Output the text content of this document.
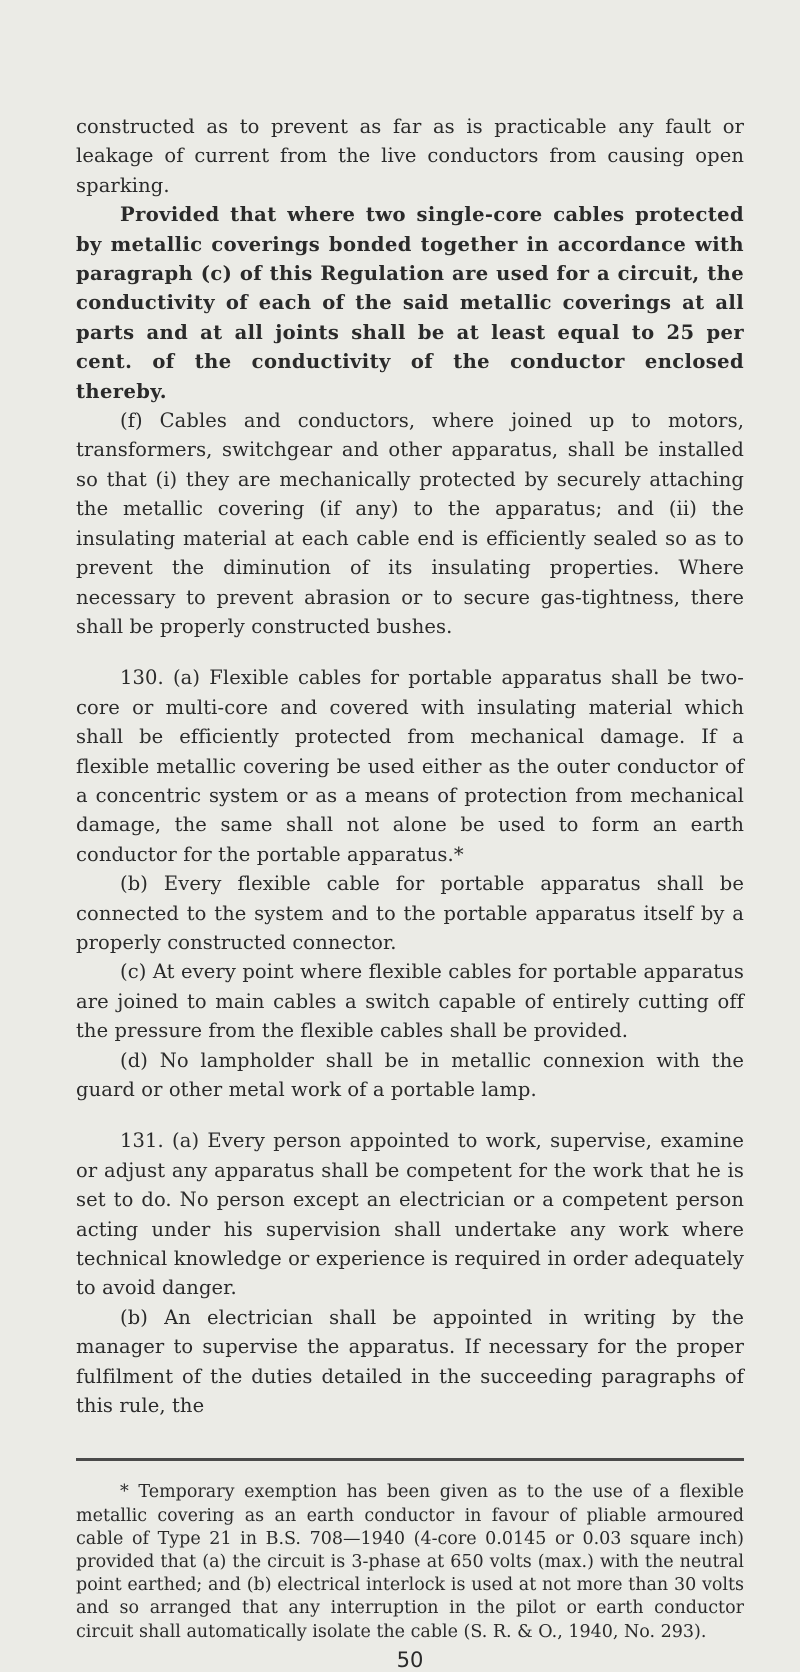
constructed as to prevent as far as is practicable any fault or leakage of current from the live conductors from causing open sparking.

Provided that where two single-core cables protected by metallic coverings bonded together in accordance with paragraph (c) of this Regulation are used for a circuit, the conductivity of each of the said metallic coverings at all parts and at all joints shall be at least equal to 25 per cent. of the conductivity of the conductor enclosed thereby.

(f) Cables and conductors, where joined up to motors, transformers, switchgear and other apparatus, shall be installed so that (i) they are mechanically protected by securely attaching the metallic covering (if any) to the apparatus; and (ii) the insulating material at each cable end is efficiently sealed so as to prevent the diminution of its insulating properties. Where necessary to prevent abrasion or to secure gas-tightness, there shall be properly constructed bushes.

130. (a) Flexible cables for portable apparatus shall be two-core or multi-core and covered with insulating material which shall be efficiently protected from mechanical damage. If a flexible metallic covering be used either as the outer conductor of a concentric system or as a means of protection from mechanical damage, the same shall not alone be used to form an earth conductor for the portable apparatus.*

(b) Every flexible cable for portable apparatus shall be connected to the system and to the portable apparatus itself by a properly constructed connector.

(c) At every point where flexible cables for portable apparatus are joined to main cables a switch capable of entirely cutting off the pressure from the flexible cables shall be provided.

(d) No lampholder shall be in metallic connexion with the guard or other metal work of a portable lamp.

131. (a) Every person appointed to work, supervise, examine or adjust any apparatus shall be competent for the work that he is set to do. No person except an electrician or a competent person acting under his supervision shall undertake any work where technical knowledge or experience is required in order adequately to avoid danger.

(b) An electrician shall be appointed in writing by the manager to supervise the apparatus. If necessary for the proper fulfilment of the duties detailed in the succeeding paragraphs of this rule, the

* Temporary exemption has been given as to the use of a flexible metallic covering as an earth conductor in favour of pliable armoured cable of Type 21 in B.S. 708—1940 (4-core 0.0145 or 0.03 square inch) provided that (a) the circuit is 3-phase at 650 volts (max.) with the neutral point earthed; and (b) electrical interlock is used at not more than 30 volts and so arranged that any interruption in the pilot or earth conductor circuit shall automatically isolate the cable (S. R. & O., 1940, No. 293).

50
